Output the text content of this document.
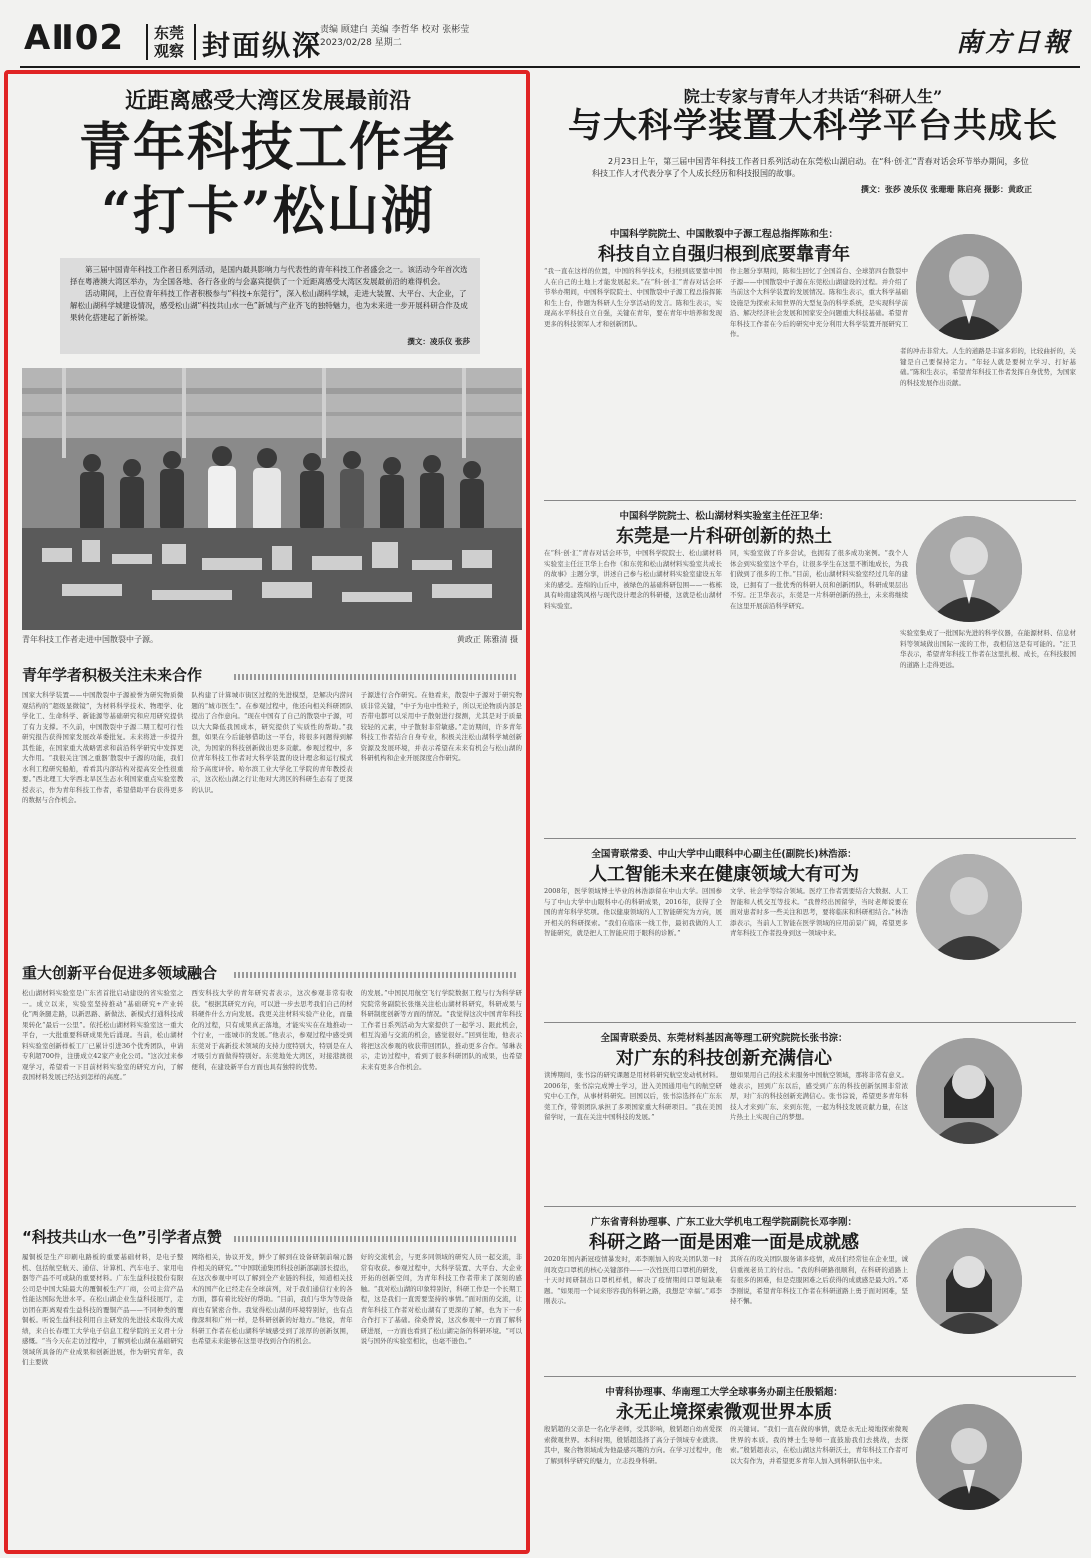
AⅡ02 东莞观察 封面纵深
责编 顾建白 美编 李哲华 校对 张彬莹
2023/02/28 星期二	南方日報
近距离感受大湾区发展最前沿
青年科技工作者
“打卡”松山湖

第三届中国青年科技工作者日系列活动，是国内最具影响力与代表性的青年科技工作者盛会之一。该活动今年首次选择在粤港澳大湾区举办，为全国各地、各行各业的与会嘉宾提供了一个近距离感受大湾区发展最前沿的难得机会。

活动期间，上百位青年科技工作者积极参与“科技+东莞行”，深入松山湖科学城，走进大装置、大平台、大企业，了解松山湖科学城建设情况，感受松山湖“科技共山水一色”新城与产业齐飞的独特魅力，也为未来进一步开展科研合作及成果转化搭建起了新桥梁。

撰文：凌乐仪 张莎
青年科技工作者走进中国散裂中子源。	黄政正 陈雅清 摄
青年学者积极关注未来合作
国家大科学装置——中国散裂中子源被誉为研究物质微观结构的“超级显微镜”，为材料科学技术、物理学、化学化工、生命科学、新能源等基础研究和应用研究提供了有力支撑。不久前，中国散裂中子源二期工程可行性研究报告获得国家发展改革委批复。未来将进一步提升其性能，在国家重大战略需求和前沿科学研究中发挥更大作用。“我很关注‘国之重器’散裂中子源的功能，我们水利工程研究船舶，看看其内部结构对提高安全性很重要。”西北理工大学西北旱区生态水利国家重点实验室教授表示，作为青年科技工作者，希望借助平台获得更多的数据与合作机会。
队构建了计算城市街区过程的先进模型，是解决内涝问题的“城市医生”。在参观过程中，他还向相关科研团队提出了合作意向。“现在中国有了自己的散裂中子源，可以大大降低我国成本，研究提供了实质性的帮助。”我想，如果在今后能够借助这一平台，将很多问题得到解决，为国家的科技创新做出更多贡献。参观过程中，多位青年科技工作者对大科学装置的设计理念和运行模式给予高度评价。哈尔滨工业大学化工学院的青年教授表示，这次松山湖之行让他对大湾区的科研生态有了更深的认识。
子源进行合作研究。在他看来，散裂中子源对于研究物质非常关键，“中子为电中性粒子，所以无论物质内部是否带电都可以采用中子散射进行探测，尤其是对于质量较轻的元素，中子散射非常敏感。”走访期间，许多青年科技工作者结合自身专业，积极关注松山湖科学城创新资源及发展环境，并表示希望在未来有机会与松山湖的科研机构和企业开展深度合作研究。
重大创新平台促进多领域融合
松山湖材料实验室是广东省首批启动建设的省实验室之一。成立以来，实验室坚持推动“基础研究+产业转化”两条腿走路，以新思路、新做法、新模式打通科技成果转化“最后一公里”。依托松山湖材料实验室这一重大平台，一大批重要科研成果先后涌现。当前，松山湖材料实验室创新样板工厂已累计引进36个优秀团队，申请专利超700件，注册成立42家产业化公司。“这次过来参观学习，希望看一下目前材料实验室的研究方向，了解我国材料发展已经达到怎样的高度。”
西安科技大学的青年研究者表示，这次参观非常有收获。“根据其研究方向，可以进一步去思考我们自己的材料硬件什么方向发展。我更关注材料实验产业化，而量化的过程，只有成果真正落地，才能实实在在地推动一个行业，一座城市的发展。”他表示，参观过程中感受到东莞对于高新技术领域的支持力度特别大，特别是在人才吸引方面做得特别好。东莞地处大湾区，对接港澳很便利，在建设新平台方面也具有独特的优势。
的发展。”中国民用航空飞行学院数据工程与行为科学研究院常务副院长张继关注松山湖材料研究，科研成果与科研制度创新等方面的情况。“我觉得这次中国青年科技工作者日系列活动为大家提供了一起学习、跟此机会，相互沟通与交流的机会，感觉很好。”回到住地，他表示将把这次参观的收获带回团队，推动更多合作。邹琳表示，走访过程中，看到了很多科研团队的成果，也希望未来有更多合作机会。
“科技共山水一色”引学者点赞
履铜板是生产印刷电路板的重要基础材料，是电子整机、包括航空航天、通信、计算机、汽车电子、家用电器等产品不可或缺的重要材料。广东生益科技股份有限公司是中国大陆最大的覆铜板生产厂商，公司主营产品性能达国际先进水平。在松山湖企业生益科技展厅，走访团在距离观看生益科技的覆铜产品——不同种类的覆铜板。听说生益科技利用自主研发的先进技术取得大成绩，来自长春理工大学电子信息工程学院的王义君十分感慨。“当今天在走访过程中，了解到松山湖在基础研究领域所具备的产业成果和创新进展，作为研究青年，我们主要做
网络相关，协议开发，鲜少了解到在设备研制前端元器件相关的研究。”“中国联通集团科技创新部副部长提出，在这次参观中可以了解到全产业链的科技，知道相关技术的国产化已经走在全球前列，对于我们通信行业的各方面，都有着比较好的帮助。“目前，我们与华为等设备商也有紧密合作。我觉得松山湖的环境特别好，也有点像深圳和广州一样，是科研创新的好地方。”他说，青年科研工作者在松山湖科学城感受到了浓厚的创新氛围，也希望未来能够在这里寻找到合作的机会。
好的交流机会，与更多同领域的研究人员一起交流，非常有收获。参观过程中，大科学装置、大平台、大企业开拓的创新空间，为青年科技工作者带来了深刻的感触。“我对松山湖的印象特别好，科研工作是一个长期工程，这是我们一直需要坚持的事情。”面对面的交流，让青年科技工作者对松山湖有了更深的了解，也为下一步合作打下了基础。徐桑曾说，这次参观中一方面了解科研进展，一方面也看到了松山湖完备的科研环境。“可以说与国外的实验室相比，也毫不逊色。”
院士专家与青年人才共话“科研人生”
与大科学装置大科学平台共成长
2月23日上午，第三届中国青年科技工作者日系列活动在东莞松山湖启动。在“科·创·汇”青春对话会环节举办期间，多位科技工作人才代表分享了个人成长经历和科技报国的故事。
撰文：张莎 凌乐仪 张珊珊 陈启亮 摄影：黄政正
中国科学院院士、中国散裂中子源工程总指挥陈和生：
科技自立自强归根到底要靠青年
“我一直在这样的位置，中国的科学技术，归根到底要靠中国人在自己的土地上才能发展起来。”在“科·创·汇”青春对话会环节举办期间，中国科学院院士、中国散裂中子源工程总指挥陈和生上台，作题为科研人生分享活动的发言。陈和生表示，实现高水平科技自立自强，关键在青年，要在青年中培养和发现更多的科技领军人才和创新团队。
作主题分享期间，陈和生回忆了全国首台、全球第四台散裂中子源——中国散裂中子源在东莞松山湖建设的过程。并介绍了当前这个大科学装置的发展情况。陈和生表示，重大科学基础设施是为探索未知世界的大型复杂的科学系统，是实现科学前沿、解决经济社会发展和国家安全问题重大科技基础。希望青年科技工作者在今后的研究中充分利用大科学装置开展研究工作。
者的冲击非常大。人生的道路是丰富多彩的，比较曲折的，关键是自己要保持定力。“年轻人就是要树立学习、打好基础。”陈和生表示，希望青年科技工作者发挥自身优势，为国家的科技发展作出贡献。
中国科学院院士、松山湖材料实验室主任汪卫华：
东莞是一片科研创新的热土
在“科·创·汇”青春对话会环节，中国科学院院士、松山湖材料实验室主任汪卫华上台作《和东莞和松山湖材料实验室共成长的故事》主题分享，讲述自己参与松山湖材料实验室建设五年来的感受。连绵的山丘中，被绿色的基础科研包围——一栋栋具有岭南建筑风格与现代设计理念的科研楼，这就是松山湖材料实验室。
同，实验室做了许多尝试，也拥有了很多成功案例。“我个人体会到实验室这个平台，让很多学生在这里不断地成长，为我们做到了很多的工作。”目前，松山湖材料实验室经过几年的建设，已拥有了一批优秀的科研人员和创新团队，科研成果层出不穷。汪卫华表示，东莞是一片科研创新的热土，未来将继续在这里开展前沿科学研究。
实验室集成了一批国际先进的科学仪器，在能源材料、信息材料等领域做出国际一流的工作，我相信这是有可能的。“汪卫华表示，希望青年科技工作者在这里扎根、成长，在科技报国的道路上走得更远。
全国青联常委、中山大学中山眼科中心副主任(副院长)林浩添：
人工智能未来在健康领域大有可为
2008年，医学领域博士毕业的林浩添留在中山大学。回国参与了中山大学中山眼科中心的科研成果，2016年，获得了全国的青年科学奖项。他以健康领域的人工智能研究为方向，展开相关的科研探索。“我们在临床一线工作，最初我做的人工智能研究，就是把人工智能应用于眼科的诊断。”
文学、社会学等综合领域。医疗工作者需要结合大数据、人工智能和人机交互等技术。“我曾经出国留学，当时老师说要在面对患者时多一些关注和思考，要将临床和科研相结合。”林浩添表示，当前人工智能在医学领域的应用前景广阔，希望更多青年科技工作者投身到这一领域中来。
全国青联委员、东莞材料基因高等理工研究院院长张书淙：
对广东的科技创新充满信心
读博期间，张书淙的研究课题是用材料研究航空发动机材料。2006年，张书淙完成博士学习，进入美国通用电气的航空研究中心工作，从事材料研究。回国以后，张书淙选择在广东东莞工作，带领团队承担了多项国家重大科研项目。“我在美国留学时，一直在关注中国科技的发展。”
想如果用自己的技术来服务中国航空领域，那将非常有意义。她表示，回到广东以后，感受到广东的科技创新氛围非常浓厚，对广东的科技创新充满信心。张书淙说，希望更多青年科技人才来到广东、来到东莞，一起为科技发展贡献力量，在这片热土上实现自己的梦想。
广东省青科协理事、广东工业大学机电工程学院副院长邓李刚：
科研之路一面是困难一面是成就感
2020年国内新冠疫情暴发时，邓李刚加入的攻关团队第一时间攻克口罩机的核心关键部件——一次性医用口罩机的研发，十天时间研制出口罩机样机，解决了疫情期间口罩短缺难题。“如果用一个词来形容我的科研之路，我想是‘幸福’。”邓李刚表示。
其所在的攻关团队服务诸多疫情，成员们经常往在企业里，诚信重视老员工的付出。“我的科研路很顺利，在科研的道路上有很多的困难，但是克服困难之后获得的成就感是最大的。”邓李刚说，希望青年科技工作者在科研道路上勇于面对困难，坚持不懈。
中青科协理事、华南理工大学全球事务办副主任殷韬超：
永无止境探索微观世界本质
殷韬超的父亲是一名化学老师，受其影响，殷韬超自幼喜爱探索微观世界。本科时期，殷韬超选择了高分子领域专业就读。其中，聚合物领域成为他最感兴趣的方向。在学习过程中，他了解到科学研究的魅力，立志投身科研。
的关键词。“我们一直在做的事情，就是永无止境地探索微观世界的本质。我的博士生导师一直鼓励我们去挑战，去探索。”殷韬超表示，在松山湖这片科研沃土，青年科技工作者可以大有作为，并希望更多青年人加入到科研队伍中来。
